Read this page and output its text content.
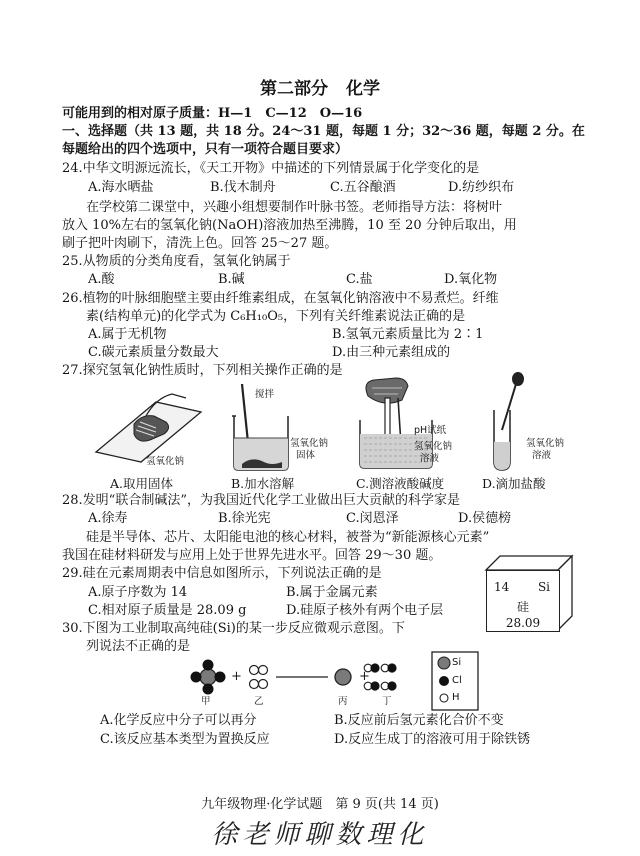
第二部分 化学
可能用到的相对原子质量：H—1　C—12　O—16
一、选择题（共 13 题，共 18 分。24～31 题，每题 1 分；32～36 题，每题 2 分。在
每题给出的四个选项中，只有一项符合题目要求）
24.中华文明源远流长，《天工开物》中描述的下列情景属于化学变化的是
A.海水晒盐	B.伐木制舟	C.五谷酿酒	D.纺纱织布
在学校第二课堂中，兴趣小组想要制作叶脉书签。老师指导方法：将树叶
放入 10%左右的氢氧化钠(NaOH)溶液加热至沸腾，10 至 20 分钟后取出，用
刷子把叶肉刷下，清洗上色。回答 25～27 题。
25.从物质的分类角度看，氢氧化钠属于
A.酸	B.碱	C.盐	D.氧化物
26.植物的叶脉细胞壁主要由纤维素组成，在氢氧化钠溶液中不易煮烂。纤维
素(结构单元)的化学式为 C₆H₁₀O₅，下列有关纤维素说法正确的是
A.属于无机物	B.氢氧元素质量比为 2∶1
C.碳元素质量分数最大	D.由三种元素组成的
27.探究氢氧化钠性质时，下列相关操作正确的是
氢氧化钠
搅拌
氢氧化钠
固体
pH试纸
氢氧化钠
溶液
氢氧化钠
溶液
A.取用固体	B.加水溶解	C.测溶液酸碱度	D.滴加盐酸
28.发明“联合制碱法”，为我国近代化学工业做出巨大贡献的科学家是
A.徐寿	B.徐光宪	C.闵恩泽	D.侯德榜
硅是半导体、芯片、太阳能电池的核心材料，被誉为“新能源核心元素”
我国在硅材料研发与应用上处于世界先进水平。回答 29～30 题。
29.硅在元素周期表中信息如图所示，下列说法正确的是
A.原子序数为 14	B.属于金属元素
C.相对原子质量是 28.09 g	D.硅原子核外有两个电子层
14 Si
硅
28.09
30.下图为工业制取高纯硅(Si)的某一步反应微观示意图。下
列说法不正确的是
+	+
Si
Cl
H
甲	乙	丙	丁
A.化学反应中分子可以再分	B.反应前后氢元素化合价不变
C.该反应基本类型为置换反应	D.反应生成丁的溶液可用于除铁锈
九年级物理·化学试题　第 9 页(共 14 页)
徐老师聊数理化
